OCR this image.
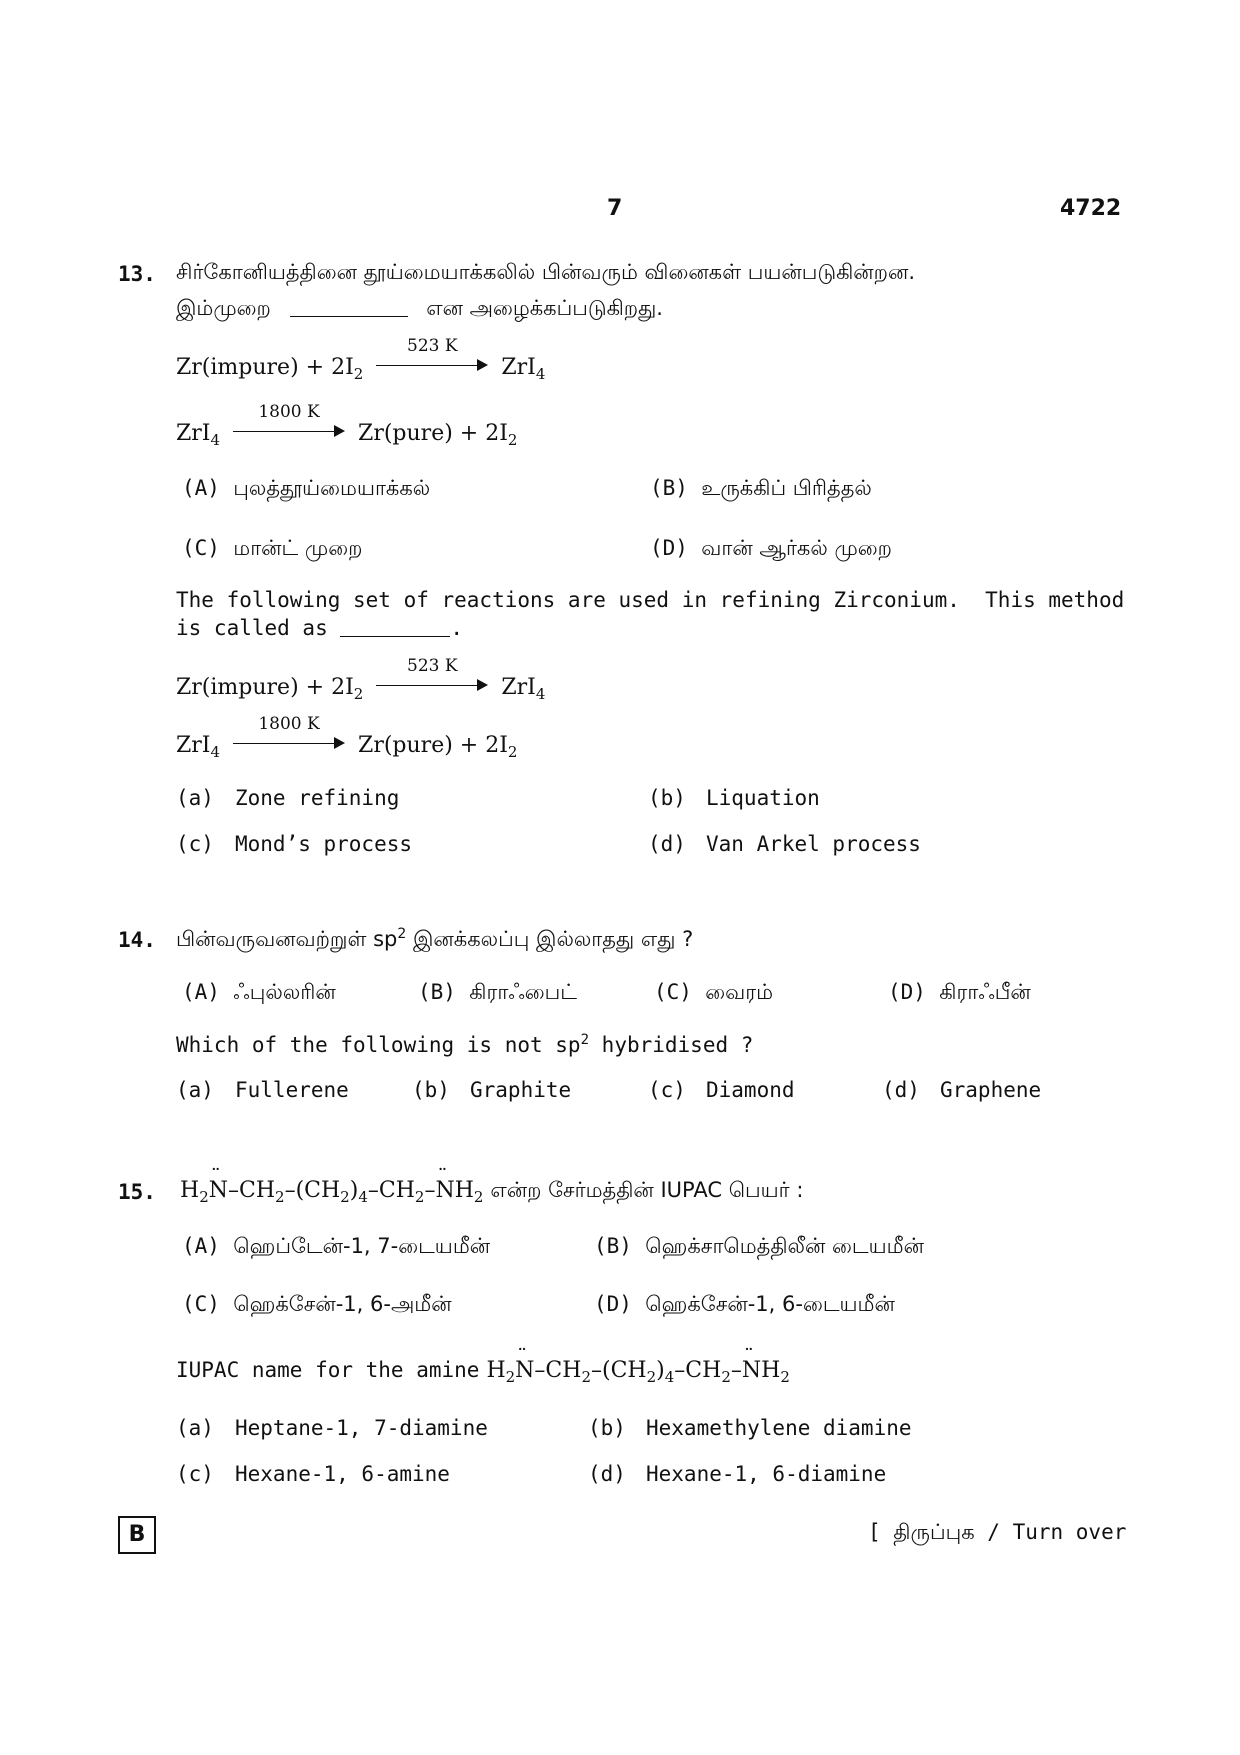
7	4722
13. சிர்கோனியத்தினை தூய்மையாக்கலில் பின்வரும் வினைகள் பயன்படுகின்றன.
இம்முறை	என அழைக்கப்படுகிறது.
Zr(impure) + $2I_2$
523 K
ZrI$_4$
ZrI$_4$
1800 K
Zr(pure) + $2I_2$
(A) புலத்தூய்மையாக்கல்	(B) உருக்கிப் பிரித்தல்
(C) மான்ட் முறை	(D) வான் ஆர்கல் முறை
The following set of reactions are used in refining Zirconium.  This method
is called as	.
Zr(impure) + $2I_2$
523 K
ZrI$_4$
ZrI$_4$
1800 K
Zr(pure) + $2I_2$
(a) Zone refining	(b) Liquation
(c) Mond’s process	(d) Van Arkel process
14. பின்வருவனவற்றுள் $sp^2$ இனக்கலப்பு இல்லாதது எது ?
(A) ஃபுல்லரின்	(B) கிராஃபைட்	(C) வைரம்	(D) கிராஃபீன்
Which of the following is not $sp^2$ hybridised ?
(a) Fullerene	(b) Graphite	(c) Diamond	(d) Graphene
15. $H_2¨$ $N-CH_2-(CH_2)_4-CH_2-¨$ $NH_2$ என்ற சேர்மத்தின் IUPAC பெயர் :
(A) ஹெப்டேன்-1, 7-டையமீன்	(B) ஹெக்சாமெத்திலீன் டையமீன்
(C) ஹெக்சேன்-1, 6-அமீன்	(D) ஹெக்சேன்-1, 6-டையமீன்
IUPAC name for the amine $H_2¨$ $N-CH_2-(CH_2)_4-CH_2-¨$ $NH_2$
(a) Heptane-1, 7-diamine	(b) Hexamethylene diamine
(c) Hexane-1, 6-amine	(d) Hexane-1, 6-diamine
B	[ திருப்புக / Turn over
